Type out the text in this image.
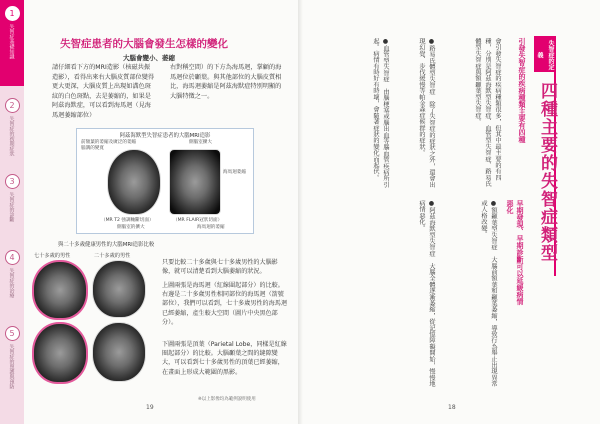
1
失智症基礎知識
2
失智症的初期症狀
3
失智症的診斷
4
失智症的治療
5
失智症的照護與預防
失智症患者的大腦會發生怎樣的變化
大腦會變小、萎縮
請仔細看下方的MRI造影（核磁共振造影），看得出來右大腦皮質部位變得更大更深，大腦皮質上出現如溝色斑紋的白色斑點，去是萎縮的，如果是阿茲海默症，可以看到海馬迴（見海馬迴萎縮部位）
右對稱空間）的下方為海馬迴，掌顧的海馬迴位於顳葉。與其他部位的大腦皮質相比，海馬迴萎縮是阿茲海默症特別明顯的大腦特徵之一。
阿茲海默型失智症患者的大腦MRI造影
前額葉的萎縮及廣泛的萎縮
腦溝的變寬
側腦室擴大
海馬迴萎縮
（MR T2 強調軸斷切面）	（MR FLAIR冠狀切面）
側腦室的擴大	海馬迴的萎縮
與二十多歲健康男性的大腦MRI造影比較
七十多歲的男性	二十多歲的男性
只要比較二十多歲與七十多歲男性的大腦影像，就可以清楚看到大腦萎縮的狀況。
上圖兩張是海馬迴（紅線圍起部分）的比較。右邊是二十多歲男性相同部位的海馬迴（箭號部位），我們可以看到，七十多歲男性的海馬迴已經萎縮，產生較大空間（圖片中央黑色部分）。
下圖兩張是頂葉（Parietal Lobe，同樣是紅線圈起部分）的比較。大腦顳葉之間的縫隙變大，可以看到七十多歲男性的頂葉已經萎縮，在畫面上形成大範圍的黑影。
※以上影像均為範例說明使用
19
失智症的定義
四種主要的失智症類型
引發失智症的疾病種類主要有四種
早期發現、早期診斷可以延緩病情惡化
會引發失智症的疾病種類很多，但其中最主要的有四種，分別是阿茲海默型失智症、血管型失智症、路易氏體型失智症與額顳葉型失智症。
●路易氏體型失智症　除了失智症的症狀之外，還會出現幻覺、步伐緩慢等帕金森症候群的症狀。
●血管型失智症　由腦梗塞或腦出血等腦血管疾病所引起。病情有時好有時壞，會隨著症狀的變化而起伏。
●額顳葉型失智症　大腦前額葉和顳葉萎縮，導致行為舉止出現異常或人格改變。
●阿茲海默型失智症　大腦全體逐漸萎縮，從記憶障礙開始，慢慢地病情惡化。
18
